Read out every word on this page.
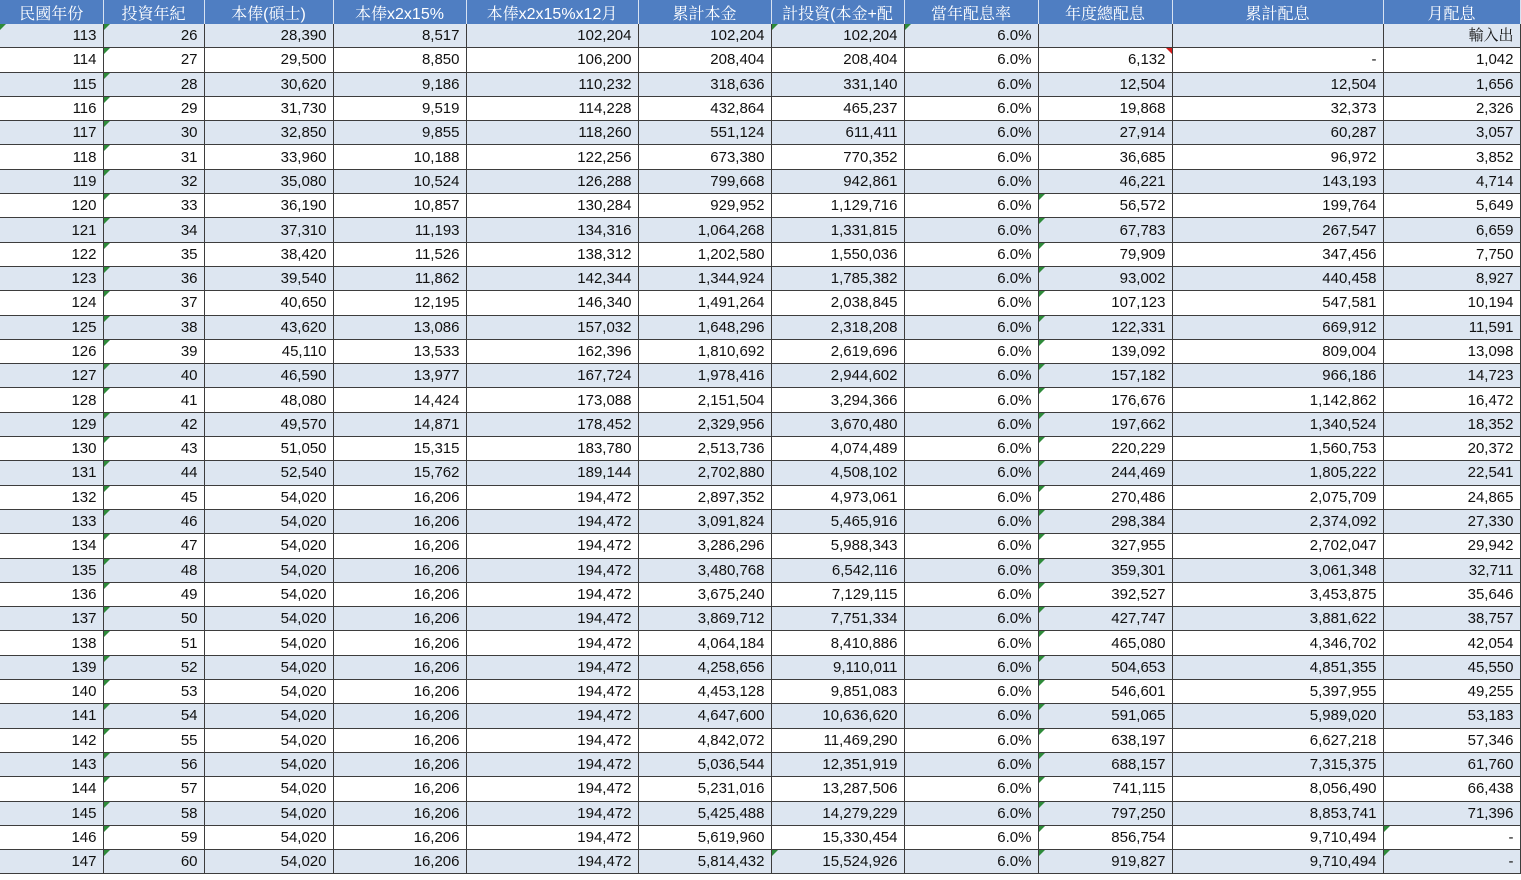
民國年份	投資年紀	本俸(碩士)	本俸x2x15%	本俸x2x15%x12月	累計本金	計投資(本金+配	當年配息率	年度總配息	累計配息	月配息
113	26	28,390	8,517	102,204	102,204	102,204	6.0%			輸入出
114	27	29,500	8,850	106,200	208,404	208,404	6.0%	6,132	-	1,042
115	28	30,620	9,186	110,232	318,636	331,140	6.0%	12,504	12,504	1,656
116	29	31,730	9,519	114,228	432,864	465,237	6.0%	19,868	32,373	2,326
117	30	32,850	9,855	118,260	551,124	611,411	6.0%	27,914	60,287	3,057
118	31	33,960	10,188	122,256	673,380	770,352	6.0%	36,685	96,972	3,852
119	32	35,080	10,524	126,288	799,668	942,861	6.0%	46,221	143,193	4,714
120	33	36,190	10,857	130,284	929,952	1,129,716	6.0%	56,572	199,764	5,649
121	34	37,310	11,193	134,316	1,064,268	1,331,815	6.0%	67,783	267,547	6,659
122	35	38,420	11,526	138,312	1,202,580	1,550,036	6.0%	79,909	347,456	7,750
123	36	39,540	11,862	142,344	1,344,924	1,785,382	6.0%	93,002	440,458	8,927
124	37	40,650	12,195	146,340	1,491,264	2,038,845	6.0%	107,123	547,581	10,194
125	38	43,620	13,086	157,032	1,648,296	2,318,208	6.0%	122,331	669,912	11,591
126	39	45,110	13,533	162,396	1,810,692	2,619,696	6.0%	139,092	809,004	13,098
127	40	46,590	13,977	167,724	1,978,416	2,944,602	6.0%	157,182	966,186	14,723
128	41	48,080	14,424	173,088	2,151,504	3,294,366	6.0%	176,676	1,142,862	16,472
129	42	49,570	14,871	178,452	2,329,956	3,670,480	6.0%	197,662	1,340,524	18,352
130	43	51,050	15,315	183,780	2,513,736	4,074,489	6.0%	220,229	1,560,753	20,372
131	44	52,540	15,762	189,144	2,702,880	4,508,102	6.0%	244,469	1,805,222	22,541
132	45	54,020	16,206	194,472	2,897,352	4,973,061	6.0%	270,486	2,075,709	24,865
133	46	54,020	16,206	194,472	3,091,824	5,465,916	6.0%	298,384	2,374,092	27,330
134	47	54,020	16,206	194,472	3,286,296	5,988,343	6.0%	327,955	2,702,047	29,942
135	48	54,020	16,206	194,472	3,480,768	6,542,116	6.0%	359,301	3,061,348	32,711
136	49	54,020	16,206	194,472	3,675,240	7,129,115	6.0%	392,527	3,453,875	35,646
137	50	54,020	16,206	194,472	3,869,712	7,751,334	6.0%	427,747	3,881,622	38,757
138	51	54,020	16,206	194,472	4,064,184	8,410,886	6.0%	465,080	4,346,702	42,054
139	52	54,020	16,206	194,472	4,258,656	9,110,011	6.0%	504,653	4,851,355	45,550
140	53	54,020	16,206	194,472	4,453,128	9,851,083	6.0%	546,601	5,397,955	49,255
141	54	54,020	16,206	194,472	4,647,600	10,636,620	6.0%	591,065	5,989,020	53,183
142	55	54,020	16,206	194,472	4,842,072	11,469,290	6.0%	638,197	6,627,218	57,346
143	56	54,020	16,206	194,472	5,036,544	12,351,919	6.0%	688,157	7,315,375	61,760
144	57	54,020	16,206	194,472	5,231,016	13,287,506	6.0%	741,115	8,056,490	66,438
145	58	54,020	16,206	194,472	5,425,488	14,279,229	6.0%	797,250	8,853,741	71,396
146	59	54,020	16,206	194,472	5,619,960	15,330,454	6.0%	856,754	9,710,494	-
147	60	54,020	16,206	194,472	5,814,432	15,524,926	6.0%	919,827	9,710,494	-
